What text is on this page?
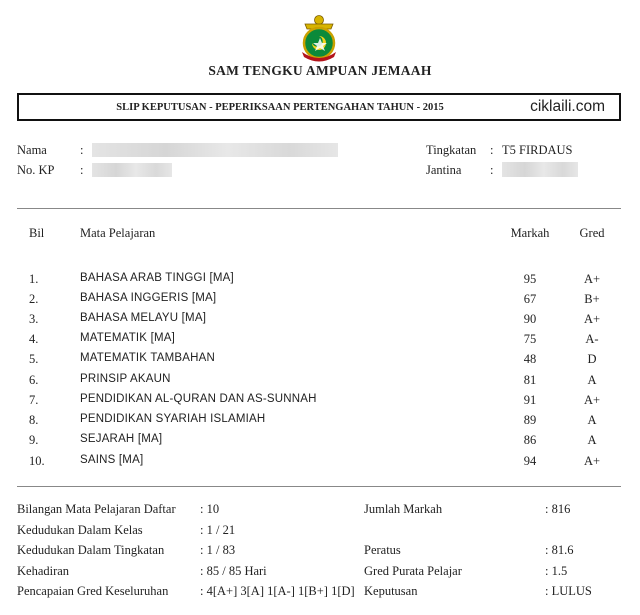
SAM TENGKU AMPUAN JEMAAH
SLIP KEPUTUSAN - PEPERIKSAAN PERTENGAHAN TAHUN - 2015	ciklaili.com
Nama	:
No. KP :
Tingkatan : T5 FIRDAUS
Jantina :
Bil	Mata Pelajaran	Markah	Gred
1.	BAHASA ARAB TINGGI [MA]	95	A+
2.	BAHASA INGGERIS [MA]	67	B+
3.	BAHASA MELAYU [MA]	90	A+
4.	MATEMATIK [MA]	75	A-
5.	MATEMATIK TAMBAHAN	48	D
6.	PRINSIP AKAUN	81	A
7.	PENDIDIKAN AL-QURAN DAN AS-SUNNAH	91	A+
8.	PENDIDIKAN SYARIAH ISLAMIAH	89	A
9.	SEJARAH [MA]	86	A
10.	SAINS [MA]	94	A+
Bilangan Mata Pelajaran Daftar : 10	Jumlah Markah	: 816
Kedudukan Dalam Kelas	: 1 / 21
Kedudukan Dalam Tingkatan	: 1 / 83	Peratus	: 81.6
Kehadiran	: 85 / 85 Hari	Gred Purata Pelajar	: 1.5
Pencapaian Gred Keseluruhan	: 4[A+] 3[A] 1[A-] 1[B+] 1[D] Keputusan	: LULUS
